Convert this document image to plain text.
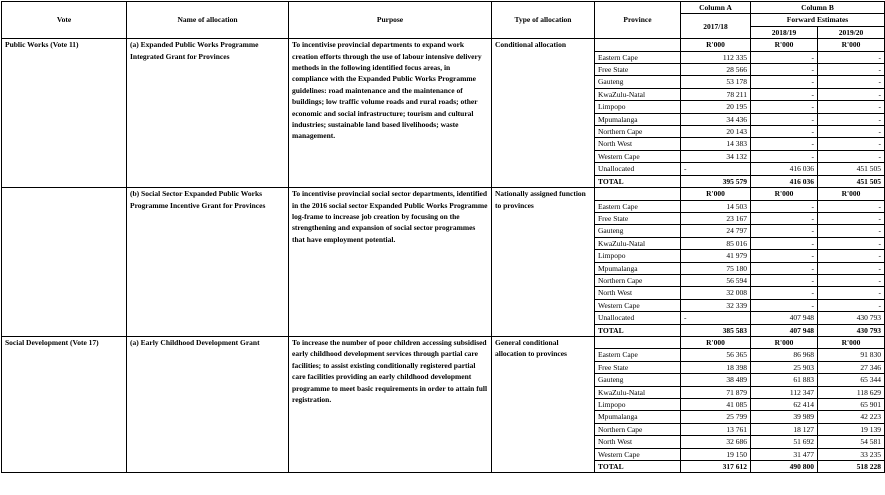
Vote	Name of allocation	Purpose	Type of allocation	Province	Column A	Column B	
					2017/18	Forward Estimates	
						2018/19	2019/20
Public Works (Vote 11)	(a) Expanded Public Works Programme Integrated Grant for Provinces	To incentivise provincial departments to expand work creation efforts through the use of labour intensive delivery methods in the following identified focus areas, in compliance with the Expanded Public Works Programme guidelines: road maintenance and the maintenance of buildings; low traffic volume roads and rural roads; other economic and social infrastructure; tourism and cultural industries; sustainable land based livelihoods; waste management.	Conditional allocation		R'000	R'000	R'000
				Eastern Cape	112 335	-	-
				Free State	28 566	-	-
				Gauteng	53 178	-	-
				KwaZulu-Natal	78 211	-	-
				Limpopo	20 195	-	-
				Mpumalanga	34 436	-	-
				Northern Cape	20 143	-	-
				North West	14 383	-	-
				Western Cape	34 132	-	-
				Unallocated	-	416 036	451 505
				TOTAL	395 579	416 036	451 505
	(b) Social Sector Expanded Public Works Programme Incentive Grant for Provinces	To incentivise provincial social sector departments, identified in the 2016 social sector Expanded Public Works Programme log-frame to increase job creation by focusing on the strengthening and expansion of social sector programmes that have employment potential.	Nationally assigned function to provinces		R'000	R'000	R'000
				Eastern Cape	14 503	-	-
				Free State	23 167	-	-
				Gauteng	24 797	-	-
				KwaZulu-Natal	85 016	-	-
				Limpopo	41 979	-	-
				Mpumalanga	75 180	-	-
				Northern Cape	56 594	-	-
				North West	32 008	-	-
				Western Cape	32 339	-	-
				Unallocated	-	407 948	430 793
				TOTAL	385 583	407 948	430 793
Social Development (Vote 17)	(a) Early Childhood Development Grant	To increase the number of poor children accessing subsidised early childhood development services through partial care facilities; to assist existing conditionally registered partial care facilities providing an early childhood development programme to meet basic requirements in order to attain full registration.	General conditional allocation to provinces		R'000	R'000	R'000
				Eastern Cape	56 365	86 968	91 830
				Free State	18 398	25 903	27 346
				Gauteng	38 489	61 883	65 344
				KwaZulu-Natal	71 879	112 347	118 629
				Limpopo	41 085	62 414	65 901
				Mpumalanga	25 799	39 989	42 223
				Northern Cape	13 761	18 127	19 139
				North West	32 686	51 692	54 581
				Western Cape	19 150	31 477	33 235
				TOTAL	317 612	490 800	518 228
